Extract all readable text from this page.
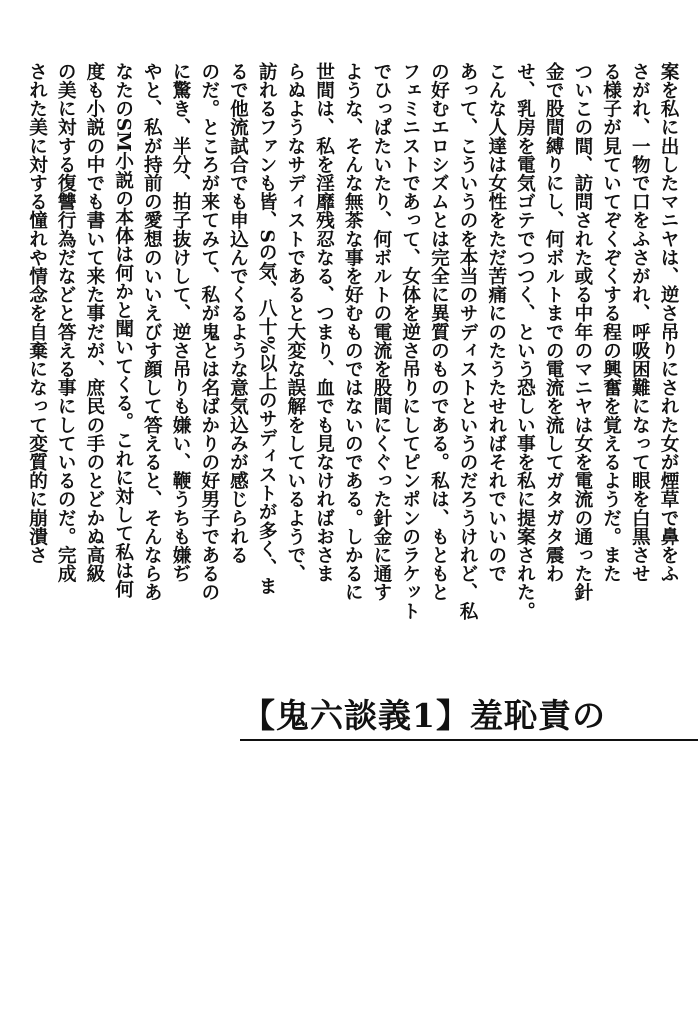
案を私に出したマニヤは、逆さ吊りにされた女が煙草で鼻をふ
さがれ、一物で口をふさがれ、呼吸困難になって眼を白黒させ
る様子が見ていてぞくぞくする程の興奮を覚えるようだ。また
ついこの間、訪問された或る中年のマニヤは女を電流の通った針
金で股間縛りにし、何ボルトまでの電流を流してガタガタ震わ
せ、乳房を電気ゴテでつつく、という恐しい事を私に提案された。
こんな人達は女性をただ苦痛にのたうたせればそれでいいので
あって、こういうのを本当のサディストというのだろうけれど、私
の好むエロシズムとは完全に異質のものである。私は、もともと
フェミニストであって、女体を逆さ吊りにしてピンポンのラケット
でひっぱたいたり、何ボルトの電流を股間にくぐった針金に通す
ような、そんな無茶な事を好むものではないのである。しかるに
世間は、私を淫靡残忍なる、つまり、血でも見なければおさま
らぬようなサディストであると大変な誤解をしているようで、
訪れるファンも皆、Sの気、八十%以上のサディストが多く、ま
るで他流試合でも申込んでくるような意気込みが感じられる
のだ。ところが来てみて、私が鬼とは名ばかりの好男子であるの
に驚き、半分、拍子抜けして、逆さ吊りも嫌い、鞭うちも嫌ぢ
やと、私が持前の愛想のいいえびす顔して答えると、そんならあ
なたのSM小説の本体は何かと聞いてくる。これに対して私は何
度も小説の中でも書いて来た事だが、庶民の手のとどかぬ高級
の美に対する復讐行為だなどと答える事にしているのだ。完成
された美に対する憧れや情念を自棄になって変質的に崩潰さ
【鬼六談義1】羞恥責の
